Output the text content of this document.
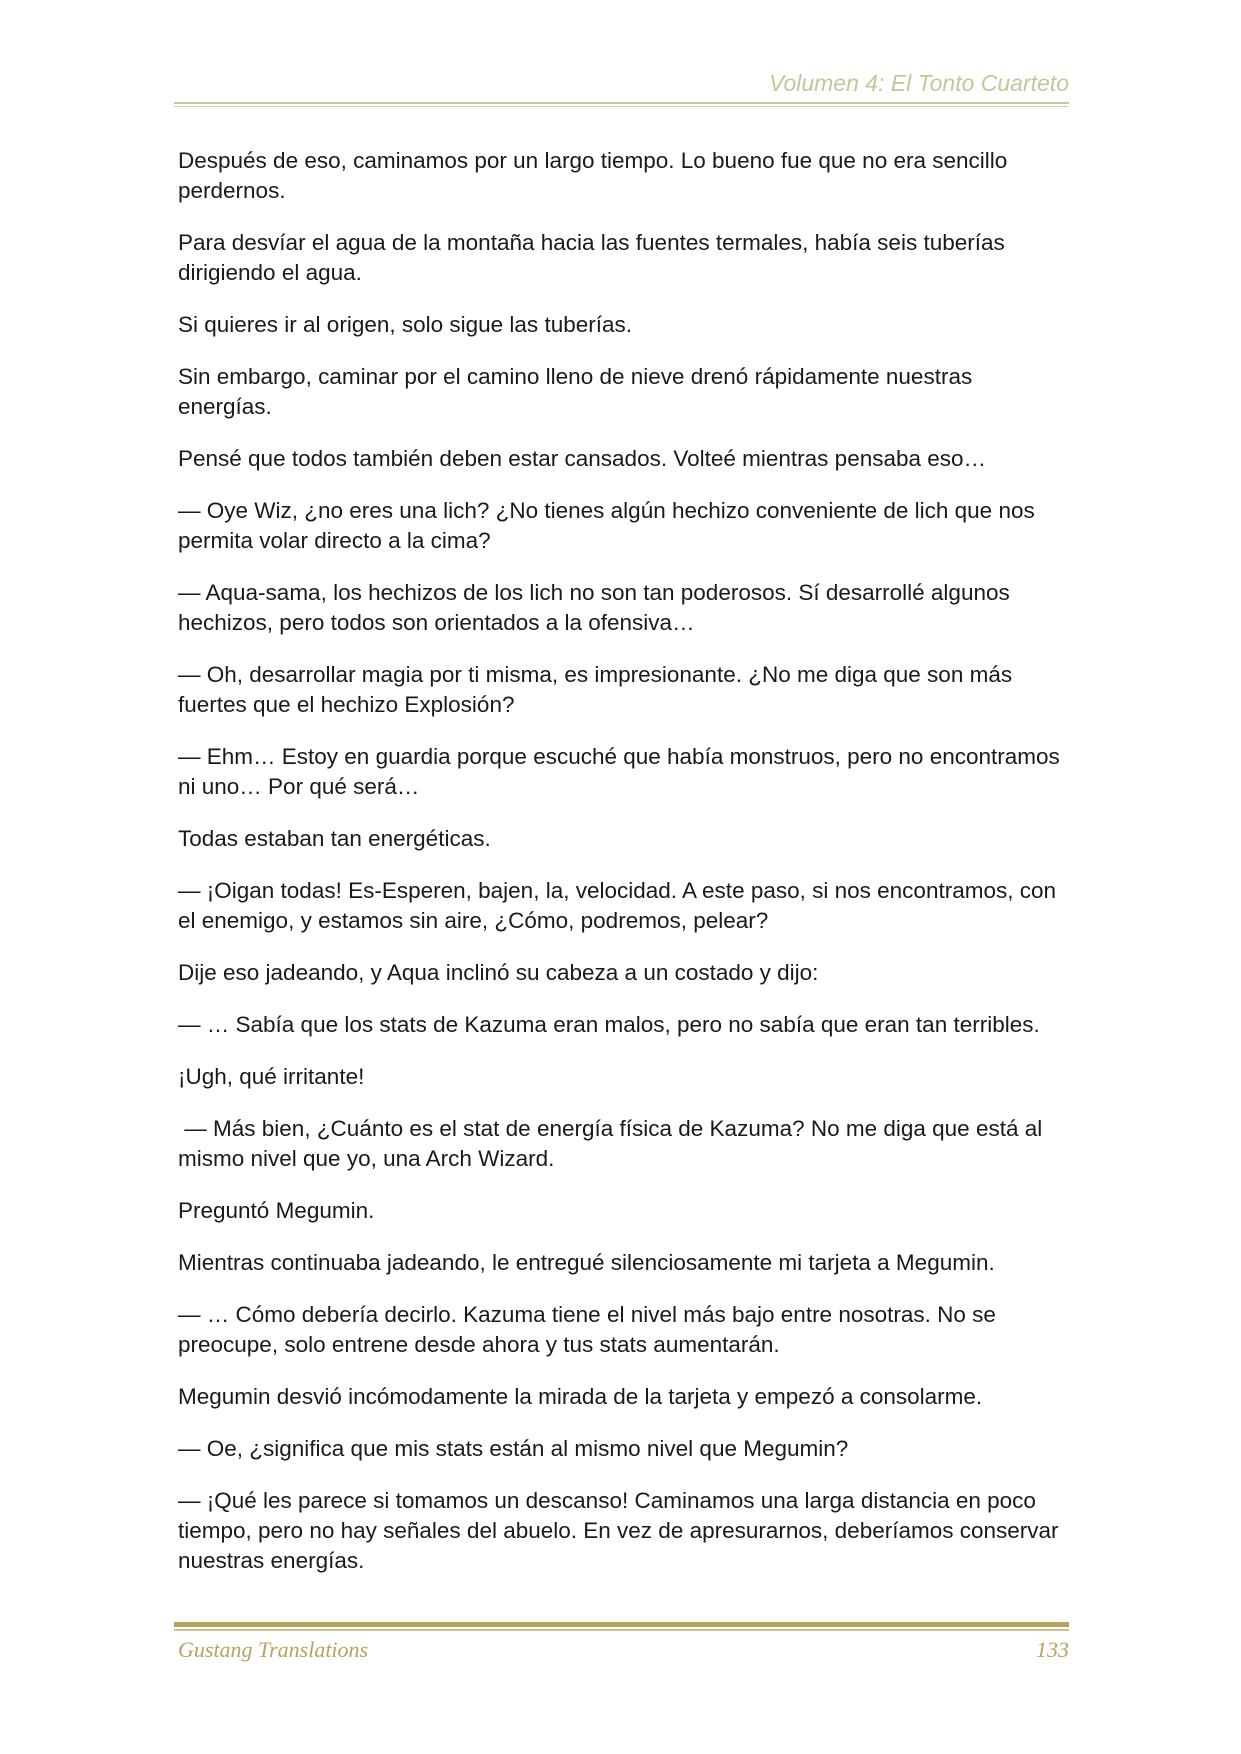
Volumen 4: El Tonto Cuarteto

Después de eso, caminamos por un largo tiempo. Lo bueno fue que no era sencillo perdernos.

Para desvíar el agua de la montaña hacia las fuentes termales, había seis tuberías dirigiendo el agua.

Si quieres ir al origen, solo sigue las tuberías.

Sin embargo, caminar por el camino lleno de nieve drenó rápidamente nuestras energías.

Pensé que todos también deben estar cansados. Volteé mientras pensaba eso…

— Oye Wiz, ¿no eres una lich? ¿No tienes algún hechizo conveniente de lich que nos permita volar directo a la cima?

— Aqua-sama, los hechizos de los lich no son tan poderosos. Sí desarrollé algunos hechizos, pero todos son orientados a la ofensiva…

— Oh, desarrollar magia por ti misma, es impresionante. ¿No me diga que son más fuertes que el hechizo Explosión?

— Ehm… Estoy en guardia porque escuché que había monstruos, pero no encontramos ni uno… Por qué será…

Todas estaban tan energéticas.

— ¡Oigan todas! Es-Esperen, bajen, la, velocidad. A este paso, si nos encontramos, con el enemigo, y estamos sin aire, ¿Cómo, podremos, pelear?

Dije eso jadeando, y Aqua inclinó su cabeza a un costado y dijo:

— … Sabía que los stats de Kazuma eran malos, pero no sabía que eran tan terribles.

¡Ugh, qué irritante!

— Más bien, ¿Cuánto es el stat de energía física de Kazuma? No me diga que está al mismo nivel que yo, una Arch Wizard.

Preguntó Megumin.

Mientras continuaba jadeando, le entregué silenciosamente mi tarjeta a Megumin.

— … Cómo debería decirlo. Kazuma tiene el nivel más bajo entre nosotras. No se preocupe, solo entrene desde ahora y tus stats aumentarán.

Megumin desvió incómodamente la mirada de la tarjeta y empezó a consolarme.

— Oe, ¿significa que mis stats están al mismo nivel que Megumin?

— ¡Qué les parece si tomamos un descanso! Caminamos una larga distancia en poco tiempo, pero no hay señales del abuelo. En vez de apresurarnos, deberíamos conservar nuestras energías.

Gustang Translations	133
